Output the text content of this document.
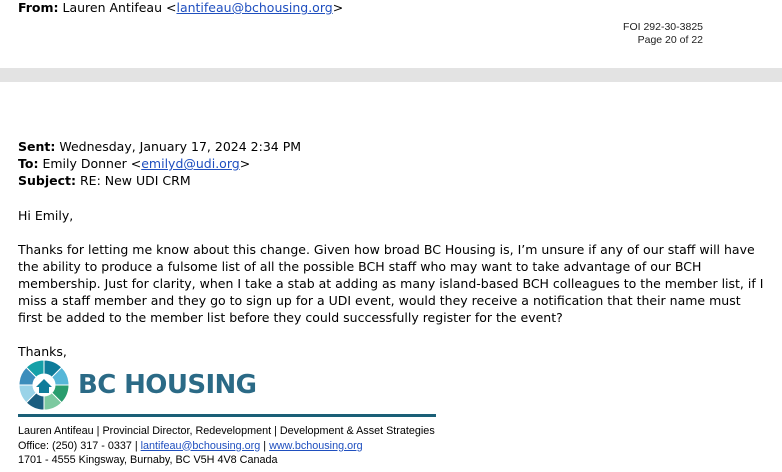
From: Lauren Antifeau <lantifeau@bchousing.org>
FOI 292-30-3825
Page 20 of 22
Sent: Wednesday, January 17, 2024 2:34 PM
To: Emily Donner <emilyd@udi.org>
Subject: RE: New UDI CRM
Hi Emily,
Thanks for letting me know about this change. Given how broad BC Housing is, I’m unsure if any of our staff will have the ability to produce a fulsome list of all the possible BCH staff who may want to take advantage of our BCH membership. Just for clarity, when I take a stab at adding as many island-based BCH colleagues to the member list, if I miss a staff member and they go to sign up for a UDI event, would they receive a notification that their name must first be added to the member list before they could successfully register for the event?
Thanks,
BC HOUSING
Lauren Antifeau | Provincial Director, Redevelopment | Development & Asset Strategies
Office: (250) 317 - 0337 | lantifeau@bchousing.org | www.bchousing.org
1701 - 4555 Kingsway, Burnaby, BC V5H 4V8 Canada
